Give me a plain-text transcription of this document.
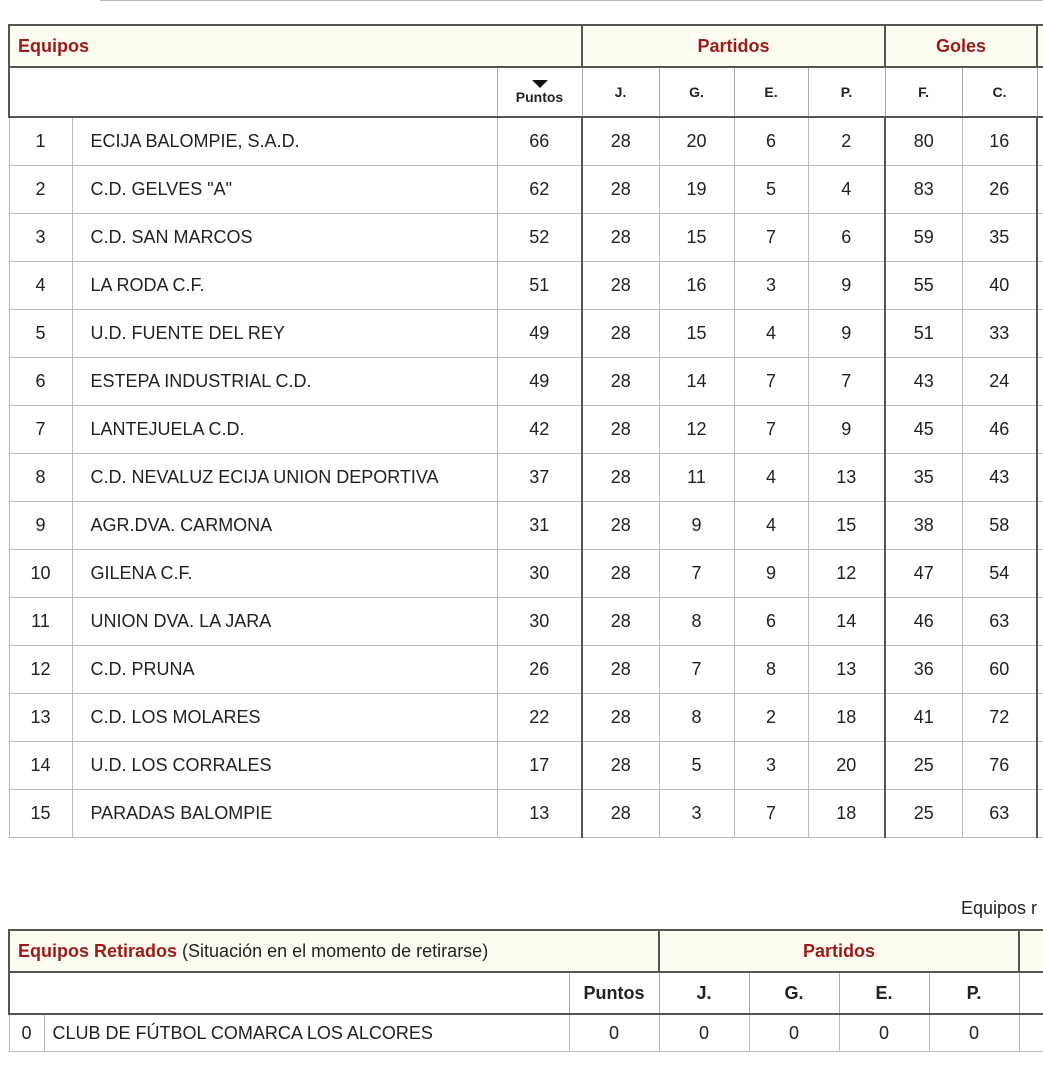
Equipos			Partidos				Goles		

Puntos	J.	G.	E.	P.	F.	C.	
1	ECIJA BALOMPIE, S.A.D.	66	28	20	6	2	80	16	
2	C.D. GELVES "A"	62	28	19	5	4	83	26	
3	C.D. SAN MARCOS	52	28	15	7	6	59	35	
4	LA RODA C.F.	51	28	16	3	9	55	40	
5	U.D. FUENTE DEL REY	49	28	15	4	9	51	33	
6	ESTEPA INDUSTRIAL C.D.	49	28	14	7	7	43	24	
7	LANTEJUELA C.D.	42	28	12	7	9	45	46	
8	C.D. NEVALUZ ECIJA UNION DEPORTIVA	37	28	11	4	13	35	43	
9	AGR.DVA. CARMONA	31	28	9	4	15	38	58	
10	GILENA C.F.	30	28	7	9	12	47	54	
11	UNION DVA. LA JARA	30	28	8	6	14	46	63	
12	C.D. PRUNA	26	28	7	8	13	36	60	
13	C.D. LOS MOLARES	22	28	8	2	18	41	72	
14	U.D. LOS CORRALES	17	28	5	3	20	25	76	
15	PARADAS BALOMPIE	13	28	3	7	18	25	63	
Equipos r
Equipos Retirados (Situación en el momento de retirarse)			Partidos				
		Puntos	J.	G.	E.	P.	
0	CLUB DE FÚTBOL COMARCA LOS ALCORES	0	0	0	0	0	
